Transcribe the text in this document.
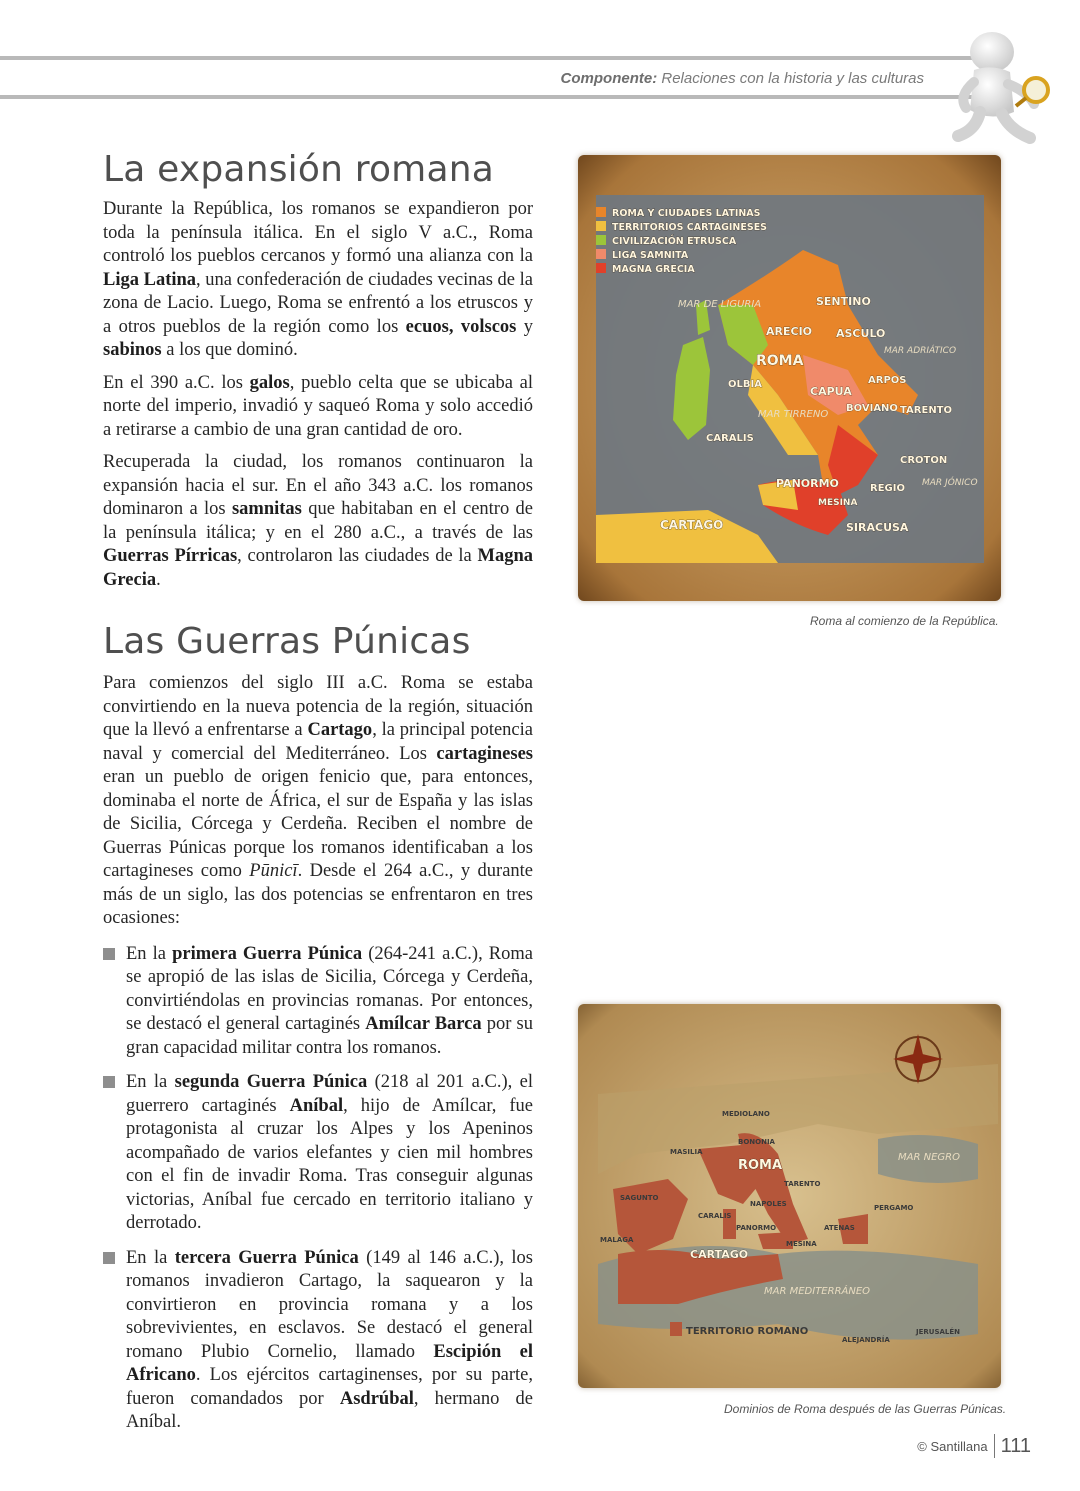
Componente: Relaciones con la historia y las culturas
La expansión romana

Durante la República, los romanos se expandieron por toda la península itálica. En el siglo V a.C., Roma controló los pueblos cercanos y formó una alianza con la Liga Latina, una confederación de ciudades vecinas de la zona de Lacio. Luego, Roma se enfrentó a los etruscos y a otros pueblos de la región como los ecuos, volscos y sabinos a los que dominó.

En el 390 a.C. los galos, pueblo celta que se ubicaba al norte del imperio, invadió y saqueó Roma y solo accedió a retirarse a cambio de una gran cantidad de oro.

Recuperada la ciudad, los romanos continuaron la expansión hacia el sur. En el año 343 a.C. los romanos dominaron a los samnitas que habitaban en el centro de la península itálica; y en el 280 a.C., a través de las Guerras Pírricas, controlaron las ciudades de la Magna Grecia.

Las Guerras Púnicas

Para comienzos del siglo III a.C. Roma se estaba convirtiendo en la nueva potencia de la región, situación que la llevó a enfrentarse a Cartago, la principal potencia naval y comercial del Mediterráneo. Los cartagineses eran un pueblo de origen fenicio que, para entonces, dominaba el norte de África, el sur de España y las islas de Sicilia, Córcega y Cerdeña. Reciben el nombre de Guerras Púnicas porque los romanos identificaban a los cartagineses como Pūnicī. Desde el 264 a.C., y durante más de un siglo, las dos potencias se enfrentaron en tres ocasiones:

En la primera Guerra Púnica (264-241 a.C.), Roma se apropió de las islas de Sicilia, Córcega y Cerdeña, convirtiéndolas en provincias romanas. Por entonces, se destacó el general cartaginés Amílcar Barca por su gran capacidad militar contra los romanos.

En la segunda Guerra Púnica (218 al 201 a.C.), el guerrero cartaginés Aníbal, hijo de Amílcar, fue protagonista al cruzar los Alpes y los Apeninos acompañado de varios elefantes y cien mil hombres con el fin de invadir Roma. Tras conseguir algunas victorias, Aníbal fue cercado en territorio italiano y derrotado.

En la tercera Guerra Púnica (149 al 146 a.C.), los romanos invadieron Cartago, la saquearon y la convirtieron en provincia romana y a los sobrevivientes, en esclavos. Se destacó el general romano Plubio Cornelio, llamado Escipión el Africano. Los ejércitos cartaginenses, por su parte, fueron comandados por Asdrúbal, hermano de Aníbal.

ROMA Y CIUDADES LATINAS
TERRITORIOS CARTAGINESES
CIVILIZACIÓN ETRUSCA
LIGA SAMNITA
MAGNA GRECIA
MAR DE LIGURIA	SENTINO
ARECIO ASCULO
MAR ADRIÁTICO
ROMA
ARPOS
OLBIA
CAPUA
BOVIANO TARENTO
MAR TIRRENO
CARALIS
CROTON
PANORMO	REGIO MAR JÓNICO
MESINA
CARTAGO	SIRACUSA
Roma al comienzo de la República.
TERRITORIO ROMANO
MEDIOLANO
BONONIA
MASILIA
ROMA
MAR NEGRO
TARENTO
SAGUNTO
NAPOLES
CARALIS
PERGAMO
PANORMO	ATENAS
MALAGA	MESINA
CARTAGO
MAR MEDITERRÁNEO
ALEJANDRÍA
JERUSALÉN
Dominios de Roma después de las Guerras Púnicas.
© Santillana 111
